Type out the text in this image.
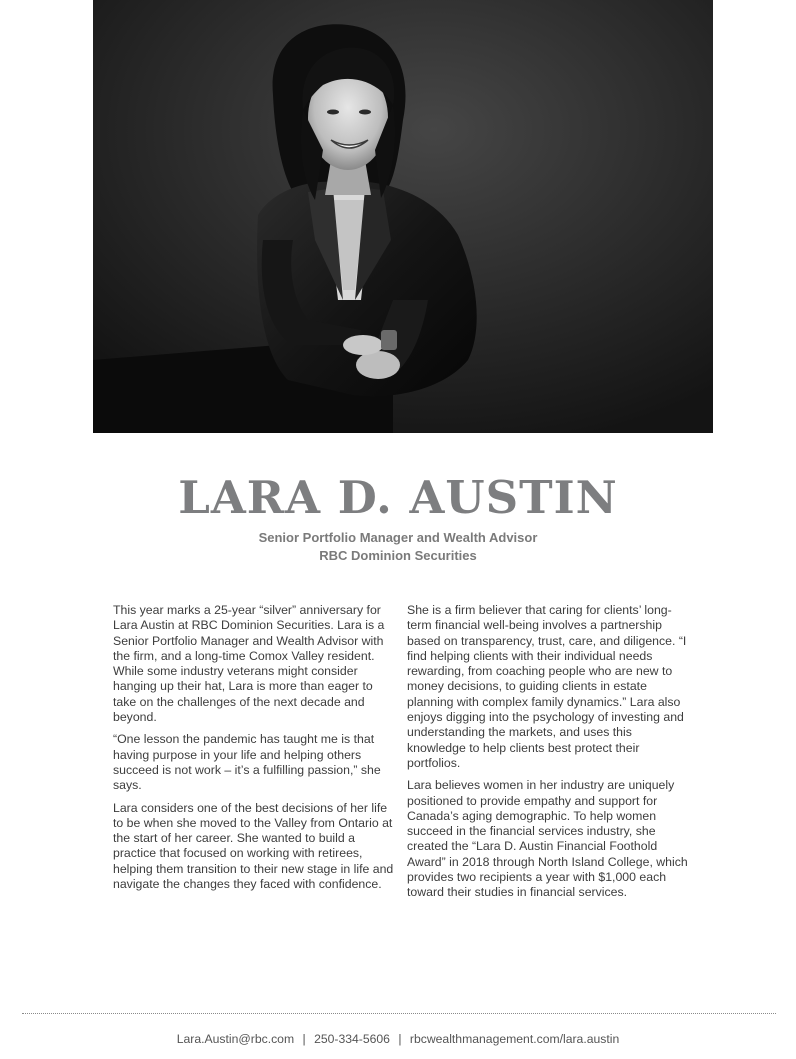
LARA D. AUSTIN
Senior Portfolio Manager and Wealth Advisor
RBC Dominion Securities

This year marks a 25-year “silver” anniversary for Lara Austin at RBC Dominion Securities. Lara is a Senior Portfolio Manager and Wealth Advisor with the firm, and a long-time Comox Valley resident. While some industry veterans might consider hanging up their hat, Lara is more than eager to take on the challenges of the next decade and beyond.

“One lesson the pandemic has taught me is that having purpose in your life and helping others succeed is not work – it’s a fulfilling passion,” she says.

Lara considers one of the best decisions of her life to be when she moved to the Valley from Ontario at the start of her career. She wanted to build a practice that focused on working with retirees, helping them transition to their new stage in life and navigate the changes they faced with confidence.

She is a firm believer that caring for clients’ long-term financial well-being involves a partnership based on transparency, trust, care, and diligence. “I find helping clients with their individual needs rewarding, from coaching people who are new to money decisions, to guiding clients in estate planning with complex family dynamics.” Lara also enjoys digging into the psychology of investing and understanding the markets, and uses this knowledge to help clients best protect their portfolios.

Lara believes women in her industry are uniquely positioned to provide empathy and support for Canada’s aging demographic. To help women succeed in the financial services industry, she created the “Lara D. Austin Financial Foothold Award” in 2018 through North Island College, which provides two recipients a year with $1,000 each toward their studies in financial services.

Lara.Austin@rbc.com | 250-334-5606 | rbcwealthmanagement.com/lara.austin
